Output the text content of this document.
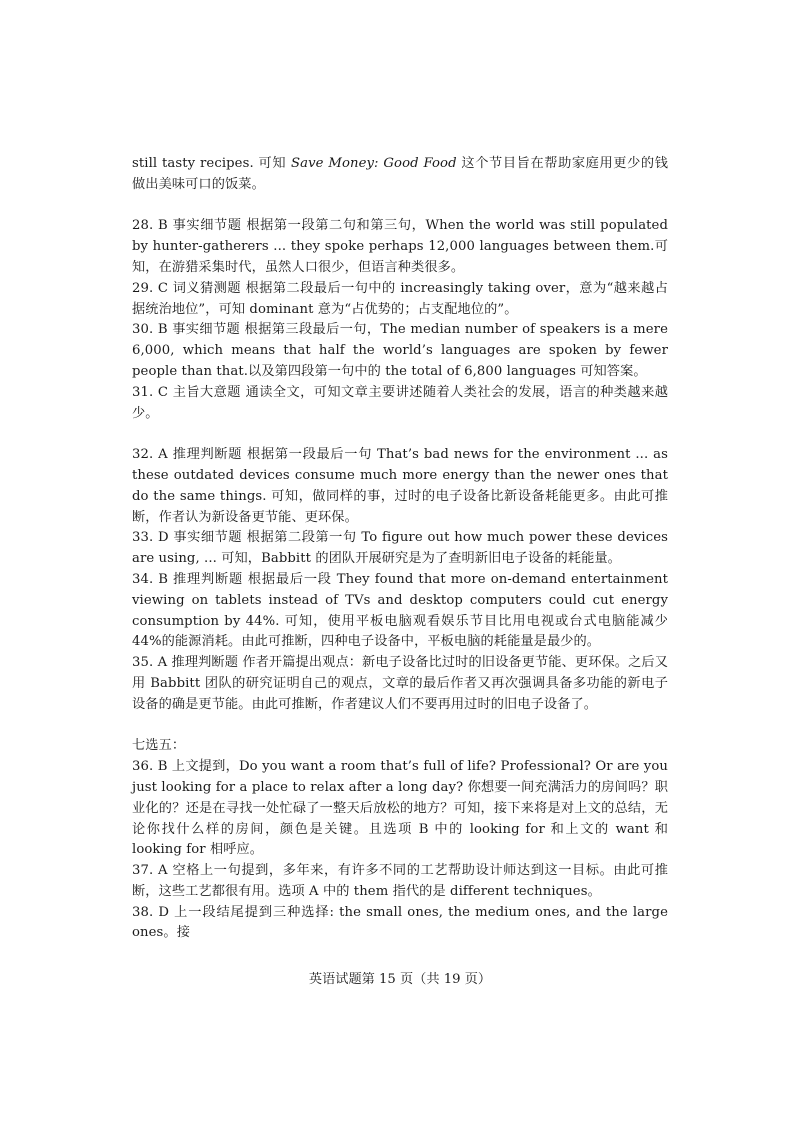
still tasty recipes. 可知 Save Money: Good Food 这个节目旨在帮助家庭用更少的钱做出美味可口的饭菜。

28. B 事实细节题 根据第一段第二句和第三句，When the world was still populated by hunter-gatherers ... they spoke perhaps 12,000 languages between them.可知，在游猎采集时代，虽然人口很少，但语言种类很多。

29. C 词义猜测题 根据第二段最后一句中的 increasingly taking over，意为“越来越占据统治地位”，可知 dominant 意为“占优势的；占支配地位的”。

30. B 事实细节题 根据第三段最后一句，The median number of speakers is a mere 6,000, which means that half the world’s languages are spoken by fewer people than that.以及第四段第一句中的 the total of 6,800 languages 可知答案。

31. C 主旨大意题 通读全文，可知文章主要讲述随着人类社会的发展，语言的种类越来越少。

32. A 推理判断题 根据第一段最后一句 That’s bad news for the environment ... as these outdated devices consume much more energy than the newer ones that do the same things. 可知，做同样的事，过时的电子设备比新设备耗能更多。由此可推断，作者认为新设备更节能、更环保。

33. D 事实细节题 根据第二段第一句 To figure out how much power these devices are using, ... 可知，Babbitt 的团队开展研究是为了查明新旧电子设备的耗能量。

34. B 推理判断题 根据最后一段 They found that more on-demand entertainment viewing on tablets instead of TVs and desktop computers could cut energy consumption by 44%. 可知，使用平板电脑观看娱乐节目比用电视或台式电脑能减少 44%的能源消耗。由此可推断，四种电子设备中，平板电脑的耗能量是最少的。

35. A 推理判断题 作者开篇提出观点：新电子设备比过时的旧设备更节能、更环保。之后又用 Babbitt 团队的研究证明自己的观点，文章的最后作者又再次强调具备多功能的新电子设备的确是更节能。由此可推断，作者建议人们不要再用过时的旧电子设备了。

七选五：

36. B 上文提到，Do you want a room that’s full of life? Professional? Or are you just looking for a place to relax after a long day? 你想要一间充满活力的房间吗？职业化的？还是在寻找一处忙碌了一整天后放松的地方？可知，接下来将是对上文的总结，无论你找什么样的房间，颜色是关键。且选项 B 中的 looking for 和上文的 want 和 looking for 相呼应。

37. A 空格上一句提到，多年来，有许多不同的工艺帮助设计师达到这一目标。由此可推断，这些工艺都很有用。选项 A 中的 them 指代的是 different techniques。

38. D 上一段结尾提到三种选择: the small ones, the medium ones, and the large ones。接

英语试题第 15 页（共 19 页）
